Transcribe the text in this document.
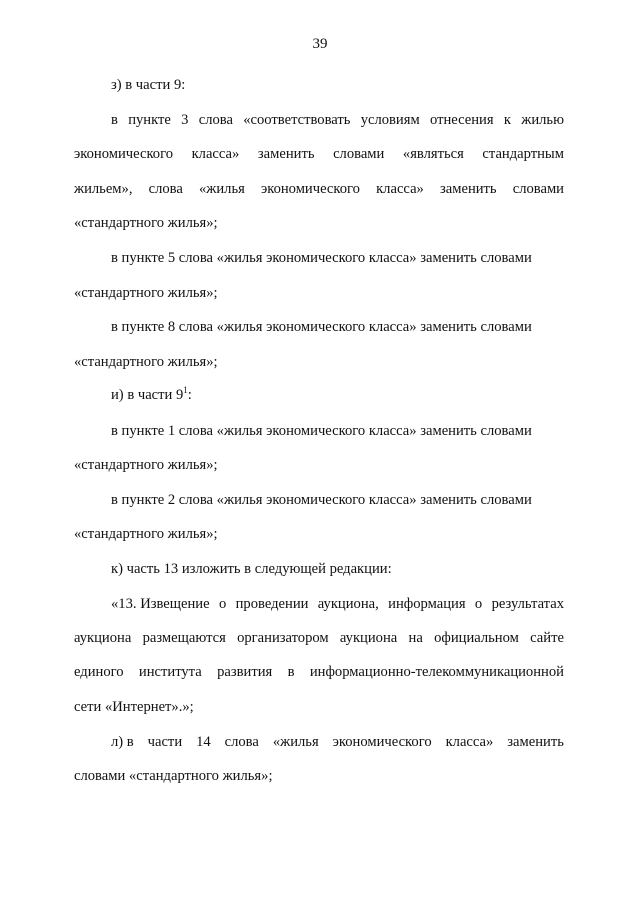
39
з) в части 9:
в пункте 3 слова «соответствовать условиям отнесения к жилью
экономического класса» заменить словами «являться стандартным
жильем», слова «жилья экономического класса» заменить словами
«стандартного жилья»;
в пункте 5 слова «жилья экономического класса» заменить словами
«стандартного жилья»;
в пункте 8 слова «жилья экономического класса» заменить словами
«стандартного жилья»;
и) в части $9^1$:
в пункте 1 слова «жилья экономического класса» заменить словами
«стандартного жилья»;
в пункте 2 слова «жилья экономического класса» заменить словами
«стандартного жилья»;
к) часть 13 изложить в следующей редакции:
«13. Извещение о проведении аукциона, информация о результатах
аукциона размещаются организатором аукциона на официальном сайте
единого института развития в информационно-телекоммуникационной
сети «Интернет».»;
л) в части 14 слова «жилья экономического класса» заменить
словами «стандартного жилья»;
